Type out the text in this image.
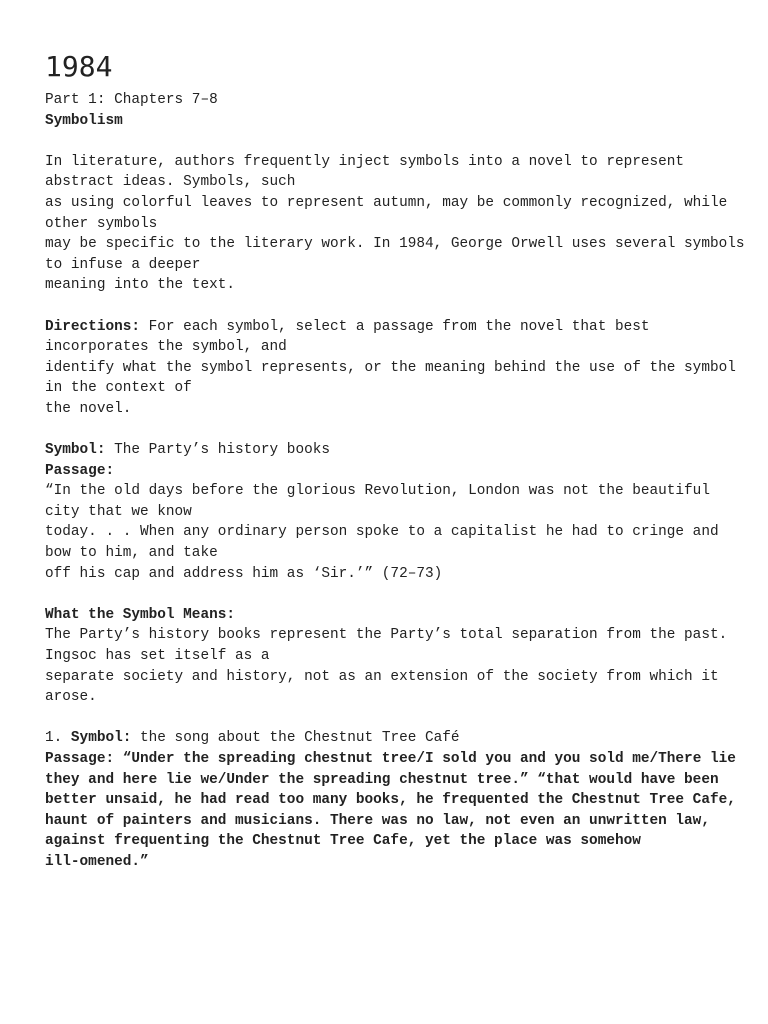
1984
Part 1: Chapters 7–8
Symbolism
In literature, authors frequently inject symbols into a novel to represent
abstract ideas. Symbols, such
as using colorful leaves to represent autumn, may be commonly recognized, while
other symbols
may be specific to the literary work. In 1984, George Orwell uses several symbols
to infuse a deeper
meaning into the text.
Directions: For each symbol, select a passage from the novel that best
incorporates the symbol, and
identify what the symbol represents, or the meaning behind the use of the symbol
in the context of
the novel.
Symbol: The Party’s history books
Passage:
“In the old days before the glorious Revolution, London was not the beautiful
city that we know
today. . . When any ordinary person spoke to a capitalist he had to cringe and
bow to him, and take
off his cap and address him as ‘Sir.’” (72–73)
What the Symbol Means:
The Party’s history books represent the Party’s total separation from the past.
Ingsoc has set itself as a
separate society and history, not as an extension of the society from which it
arose.
1. Symbol: the song about the Chestnut Tree Café
Passage: “Under the spreading chestnut tree/I sold you and you sold me/There lie
they and here lie we/Under the spreading chestnut tree.” “that would have been
better unsaid, he had read too many books, he frequented the Chestnut Tree Cafe,
haunt of painters and musicians. There was no law, not even an unwritten law,
against frequenting the Chestnut Tree Cafe, yet the place was somehow
ill-omened.”
